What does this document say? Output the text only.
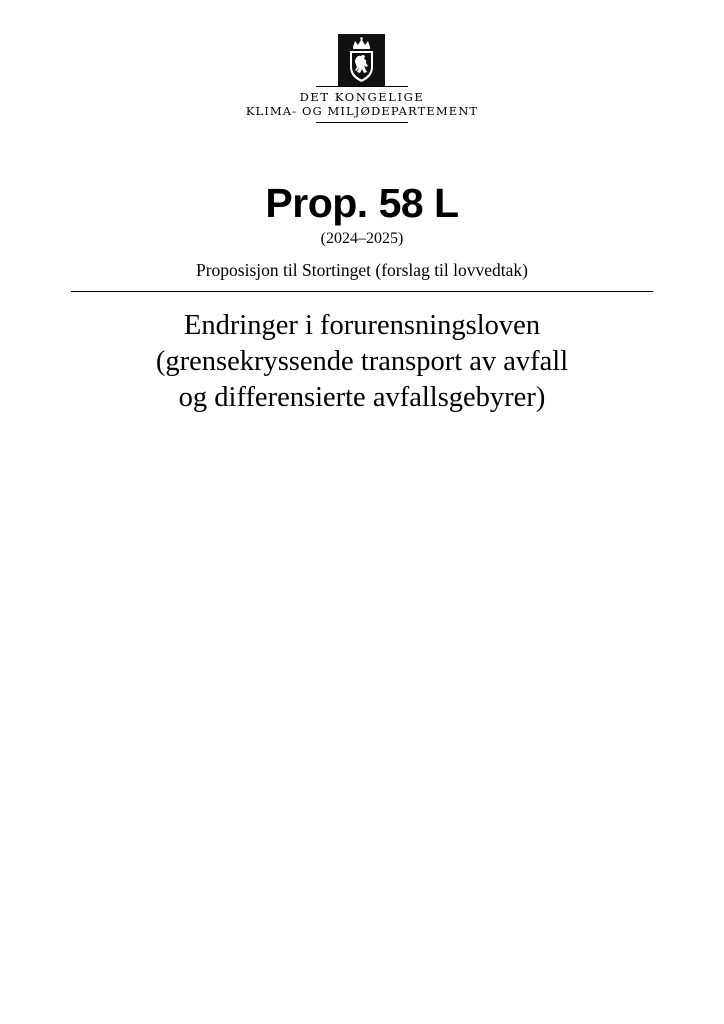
DET KONGELIGE
KLIMA- OG MILJØDEPARTEMENT
Prop. 58 L
(2024–2025)
Proposisjon til Stortinget (forslag til lovvedtak)
Endringer i forurensningsloven
(grensekryssende transport av avfall
og differensierte avfallsgebyrer)
